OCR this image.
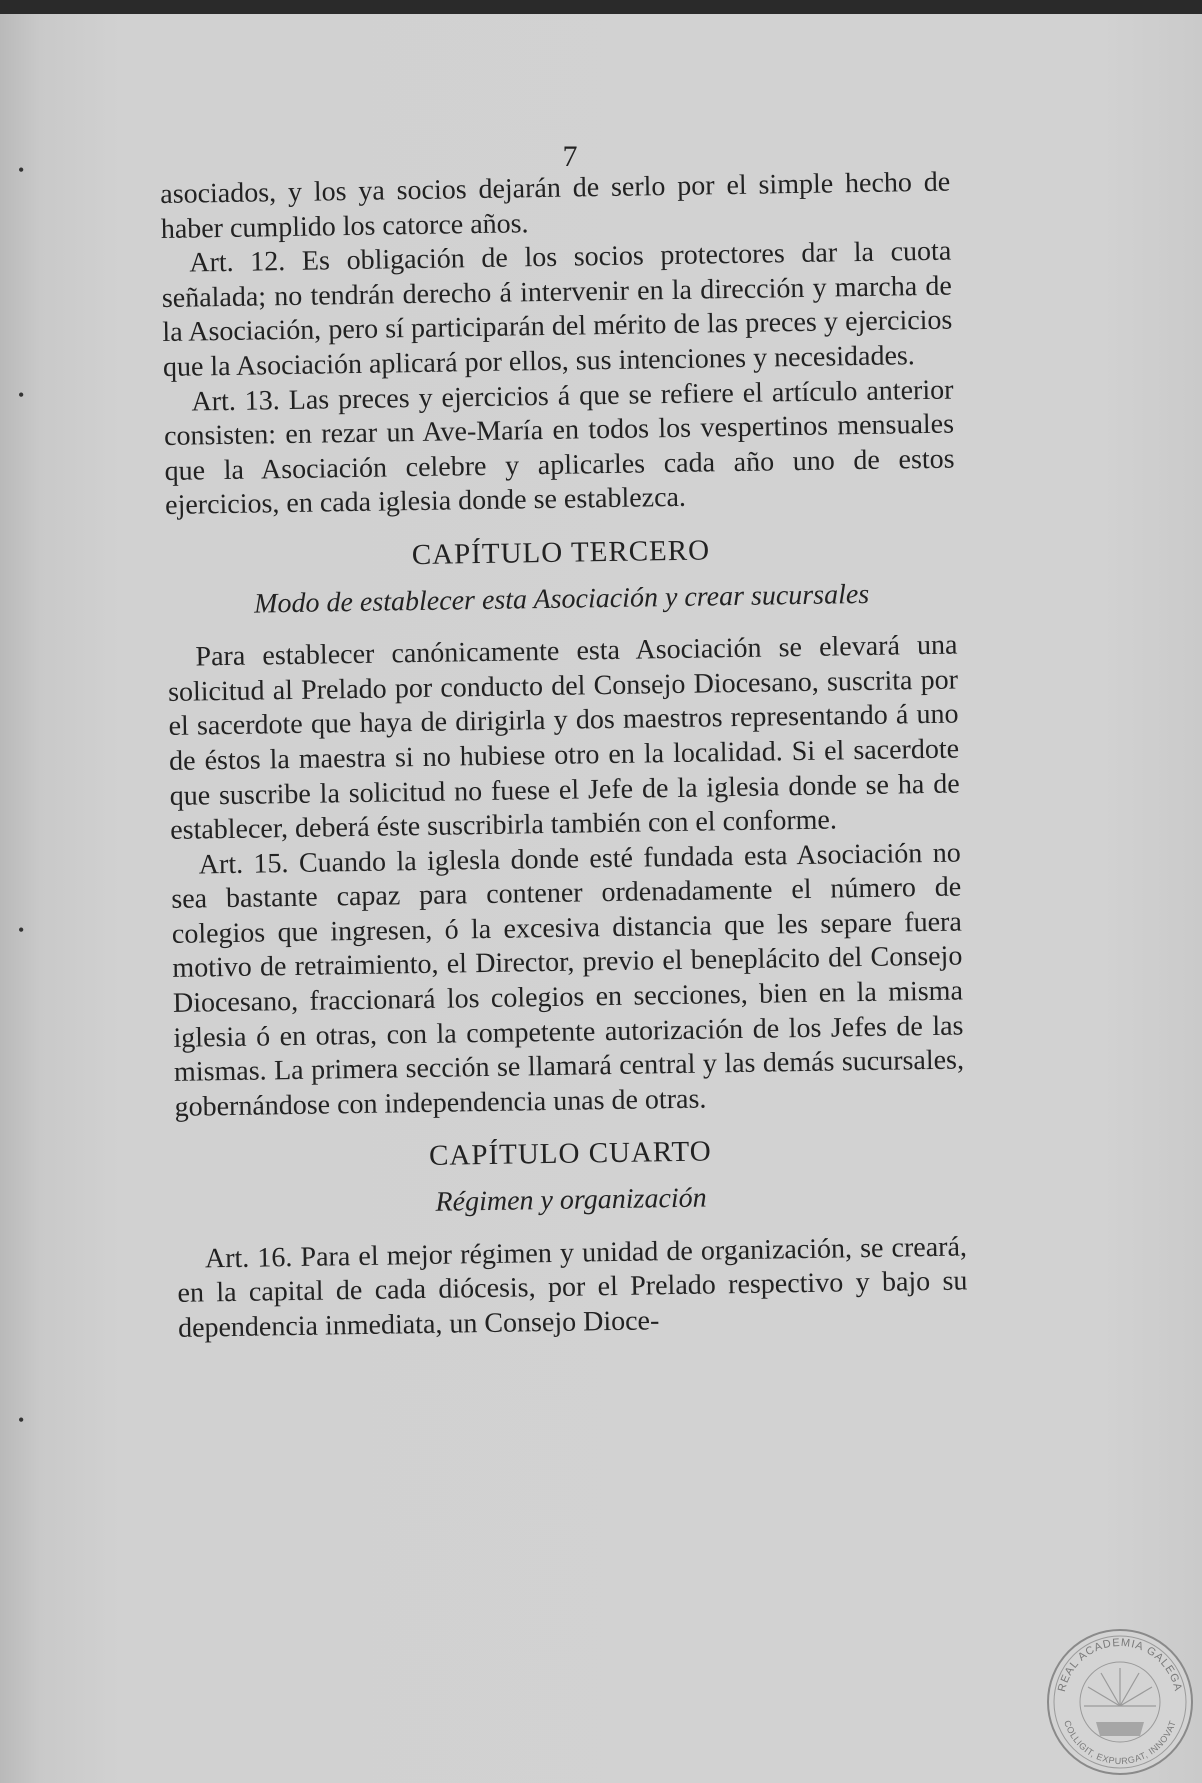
•
•
•
•
7

asociados, y los ya socios dejarán de serlo por el simple hecho de haber cumplido los catorce años.

Art. 12. Es obligación de los socios protectores dar la cuota señalada; no tendrán derecho á intervenir en la dirección y marcha de la Asociación, pero sí participarán del mérito de las preces y ejercicios que la Asociación aplicará por ellos, sus intenciones y necesidades.

Art. 13. Las preces y ejercicios á que se refiere el artículo anterior consisten: en rezar un Ave-María en todos los vespertinos mensuales que la Asociación celebre y aplicarles cada año uno de estos ejercicios, en cada iglesia donde se establezca.

CAPÍTULO TERCERO

Modo de establecer esta Asociación y crear sucursales

Para establecer canónicamente esta Asociación se elevará una solicitud al Prelado por conducto del Consejo Diocesano, suscrita por el sacerdote que haya de dirigirla y dos maestros representando á uno de éstos la maestra si no hubiese otro en la localidad. Si el sacerdote que suscribe la solicitud no fuese el Jefe de la iglesia donde se ha de establecer, deberá éste suscribirla también con el conforme.

Art. 15. Cuando la iglesla donde esté fundada esta Asociación no sea bastante capaz para contener ordenadamente el número de colegios que ingresen, ó la excesiva distancia que les separe fuera motivo de retraimiento, el Director, previo el beneplácito del Consejo Diocesano, fraccionará los colegios en secciones, bien en la misma iglesia ó en otras, con la competente autorización de los Jefes de las mismas. La primera sección se llamará central y las demás sucursales, gobernándose con independencia unas de otras.

CAPÍTULO CUARTO

Régimen y organización

Art. 16. Para el mejor régimen y unidad de organización, se creará, en la capital de cada diócesis, por el Prelado respectivo y bajo su dependencia inmediata, un Consejo Dioce-

REAL ACADEMIA GALEGA
COLLIGIT, EXPURGAT, INNOVAT
